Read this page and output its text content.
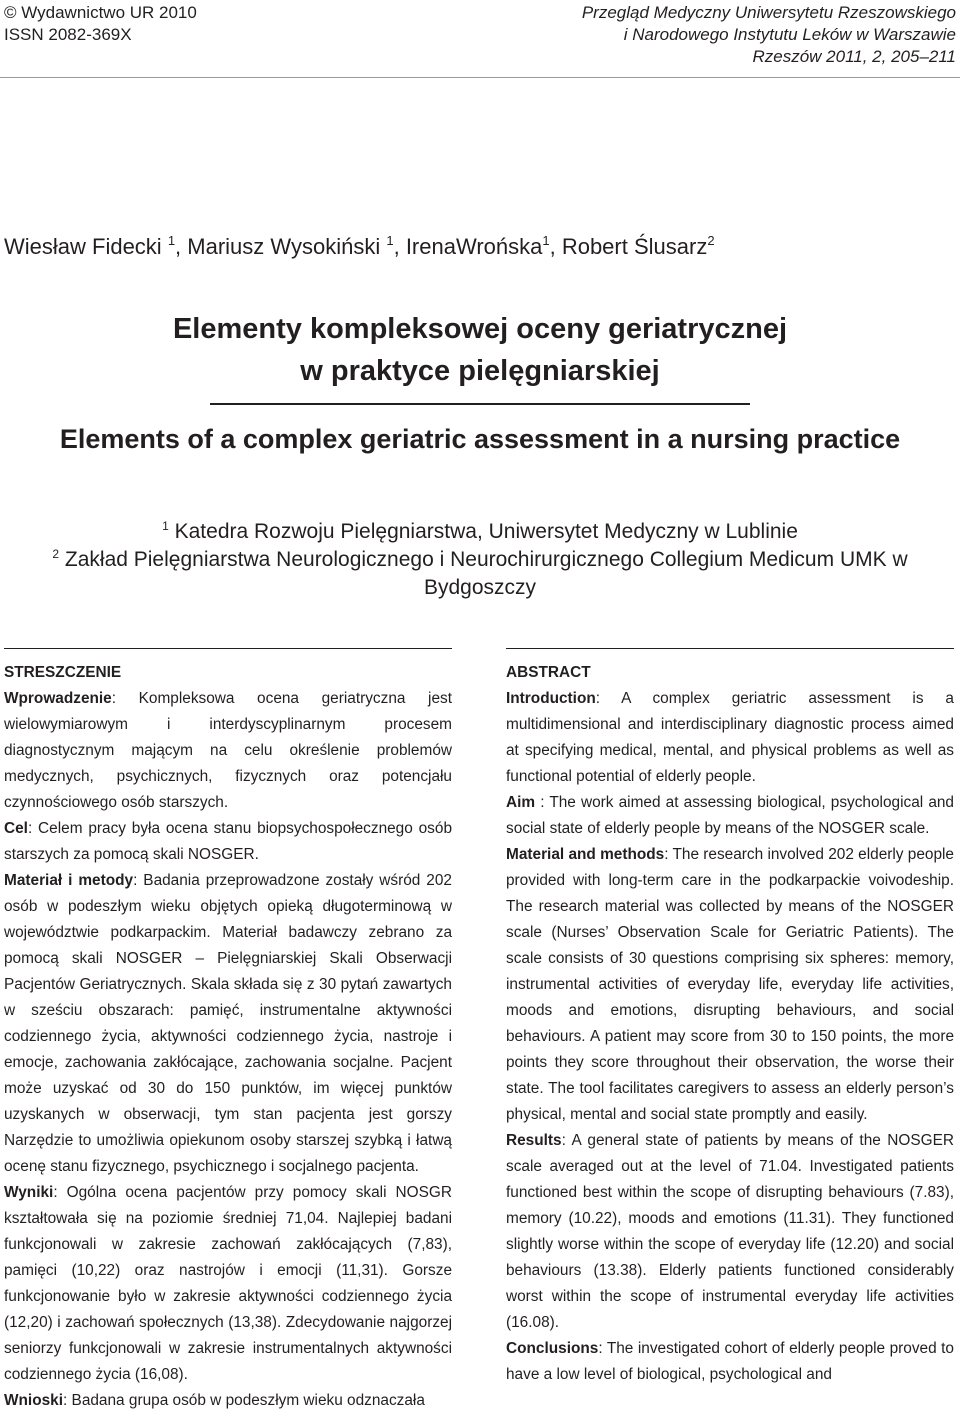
© Wydawnictwo UR 2010
ISSN 2082-369X
Przegląd Medyczny Uniwersytetu Rzeszowskiego
i Narodowego Instytutu Leków w Warszawie
Rzeszów 2011, 2, 205–211
Wiesław Fidecki $^1$, Mariusz Wysokiński $^1$, IrenaWrońska$^1$, Robert Ślusarz$^2$
Elementy kompleksowej oceny geriatrycznej
w praktyce pielęgniarskiej
Elements of a complex geriatric assessment in a nursing practice
$^1$ Katedra Rozwoju Pielęgniarstwa, Uniwersytet Medyczny w Lublinie
$^2$ Zakład Pielęgniarstwa Neurologicznego i Neurochirurgicznego Collegium Medicum UMK w Bydgoszczy

STRESZCZENIE

Wprowadzenie: Kompleksowa ocena geriatryczna jest wielowymiarowym i interdyscyplinarnym procesem diagnostycznym mającym na celu określenie problemów medycznych, psychicznych, fizycznych oraz potencjału czynnościowego osób starszych.

Cel: Celem pracy była ocena stanu biopsychospołecznego osób starszych za pomocą skali NOSGER.

Materiał i metody: Badania przeprowadzone zostały wśród 202 osób w podeszłym wieku objętych opieką długoterminową w województwie podkarpackim. Materiał badawczy zebrano za pomocą skali NOSGER – Pielęgniarskiej Skali Obserwacji Pacjentów Geriatrycznych. Skala składa się z 30 pytań zawartych w sześciu obszarach: pamięć, instrumentalne aktywności codziennego życia, aktywności codziennego życia, nastroje i emocje, zachowania zakłócające, zachowania socjalne. Pacjent może uzyskać od 30 do 150 punktów, im więcej punktów uzyskanych w obserwacji, tym stan pacjenta jest gorszy Narzędzie to umożliwia opiekunom osoby starszej szybką i łatwą ocenę stanu fizycznego, psychicznego i socjalnego pacjenta.

Wyniki: Ogólna ocena pacjentów przy pomocy skali NOSGR kształtowała się na poziomie średniej 71,04. Najlepiej badani funkcjonowali w zakresie zachowań zakłócających (7,83), pamięci (10,22) oraz nastrojów i emocji (11,31). Gorsze funkcjonowanie było w zakresie aktywności codziennego życia (12,20) i zachowań społecznych (13,38). Zdecydowanie najgorzej seniorzy funkcjonowali w zakresie instrumentalnych aktywności codziennego życia (16,08).

Wnioski: Badana grupa osób w podeszłym wieku odznaczała

ABSTRACT

Introduction: A complex geriatric assessment is a multidimensional and interdisciplinary diagnostic process aimed at specifying medical, mental, and physical problems as well as functional potential of elderly people.

Aim : The work aimed at assessing biological, psychological and social state of elderly people by means of the NOSGER scale.

Material and methods: The research involved 202 elderly people provided with long-term care in the podkarpackie voivodeship. The research material was collected by means of the NOSGER scale (Nurses’ Observation Scale for Geriatric Patients). The scale consists of 30 questions comprising six spheres: memory, instrumental activities of everyday life, everyday life activities, moods and emotions, disrupting behaviours, and social behaviours. A patient may score from 30 to 150 points, the more points they score throughout their observation, the worse their state. The tool facilitates caregivers to assess an elderly person’s physical, mental and social state promptly and easily.

Results: A general state of patients by means of the NOSGER scale averaged out at the level of 71.04. Investigated patients functioned best within the scope of disrupting behaviours (7.83), memory (10.22), moods and emotions (11.31). They functioned slightly worse within the scope of everyday life (12.20) and social behaviours (13.38). Elderly patients functioned considerably worst within the scope of instrumental everyday life activities (16.08).

Conclusions: The investigated cohort of elderly people proved to have a low level of biological, psychological and
